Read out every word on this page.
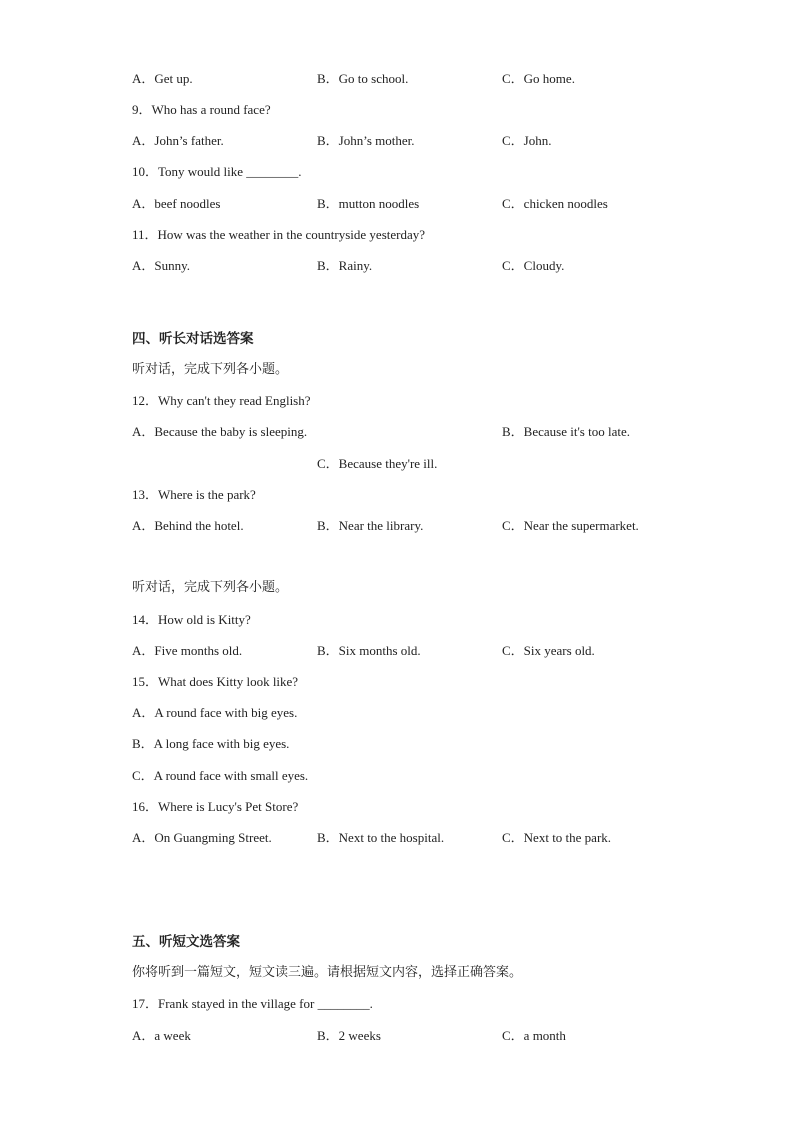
A．Get up.	B．Go to school.	C．Go home.
9．Who has a round face?
A．John’s father.	B．John’s mother.	C．John.
10．Tony would like ________.
A．beef noodles	B．mutton noodles	C．chicken noodles
11．How was the weather in the countryside yesterday?
A．Sunny.	B．Rainy.	C．Cloudy.
四、听长对话选答案
听对话，完成下列各小题。
12．Why can't they read English?
A．Because the baby is sleeping.	B．Because it's too late.
C．Because they're ill.
13．Where is the park?
A．Behind the hotel.	B．Near the library.	C．Near the supermarket.
听对话，完成下列各小题。
14．How old is Kitty?
A．Five months old.	B．Six months old.	C．Six years old.
15．What does Kitty look like?
A．A round face with big eyes.
B．A long face with big eyes.
C．A round face with small eyes.
16．Where is Lucy's Pet Store?
A．On Guangming Street.	B．Next to the hospital.	C．Next to the park.
五、听短文选答案
你将听到一篇短文，短文读三遍。请根据短文内容，选择正确答案。
17．Frank stayed in the village for ________.
A．a week	B．2 weeks	C．a month
